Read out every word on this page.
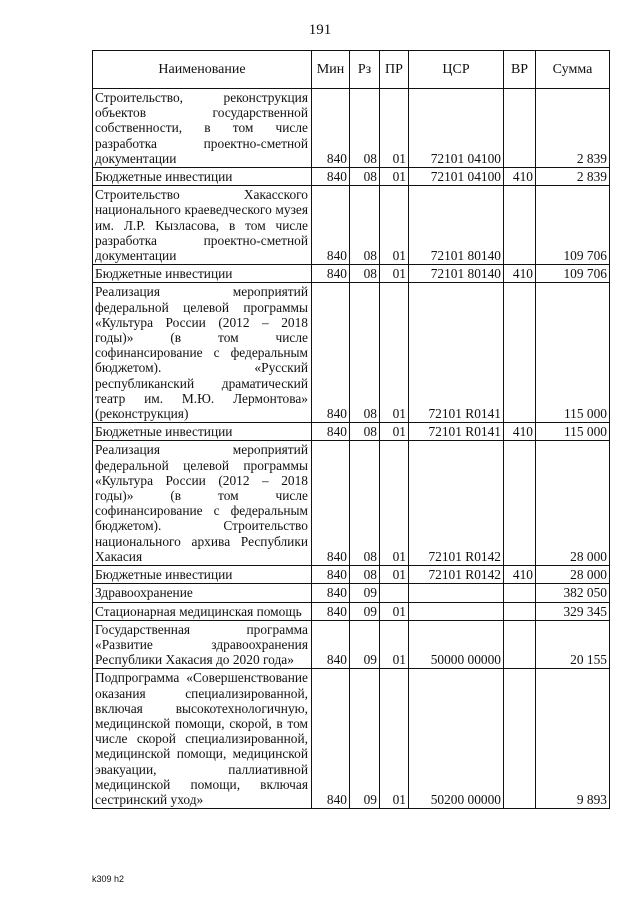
191
Наименование	Мин	Рз	ПР	ЦСР	ВР	Сумма
Строительство, реконструкция объектов государственной собственности, в том числе разработка проектно-сметной документации	840	08	01	72101 04100		2 839
Бюджетные инвестиции	840	08	01	72101 04100	410	2 839
Строительство Хакасского национального краеведческого музея им. Л.Р. Кызласова, в том числе разработка проектно-сметной документации	840	08	01	72101 80140		109 706
Бюджетные инвестиции	840	08	01	72101 80140	410	109 706
Реализация мероприятий федеральной целевой программы «Культура России (2012 – 2018 годы)» (в том числе софинансирование с федеральным бюджетом). «Русский республиканский драматический театр им. М.Ю. Лермонтова» (реконструкция)	840	08	01	72101 R0141		115 000
Бюджетные инвестиции	840	08	01	72101 R0141	410	115 000
Реализация мероприятий федеральной целевой программы «Культура России (2012 – 2018 годы)» (в том числе софинансирование с федеральным бюджетом). Строительство национального архива Республики Хакасия	840	08	01	72101 R0142		28 000
Бюджетные инвестиции	840	08	01	72101 R0142	410	28 000
Здравоохранение	840	09				382 050
Стационарная медицинская помощь	840	09	01			329 345
Государственная программа «Развитие здравоохранения Республики Хакасия до 2020 года»	840	09	01	50000 00000		20 155
Подпрограмма «Совершенствование оказания специализированной, включая высокотехнологичную, медицинской помощи, скорой, в том числе скорой специализированной, медицинской помощи, медицинской эвакуации, паллиативной медицинской помощи, включая сестринский уход»	840	09	01	50200 00000		9 893
k309 h2
